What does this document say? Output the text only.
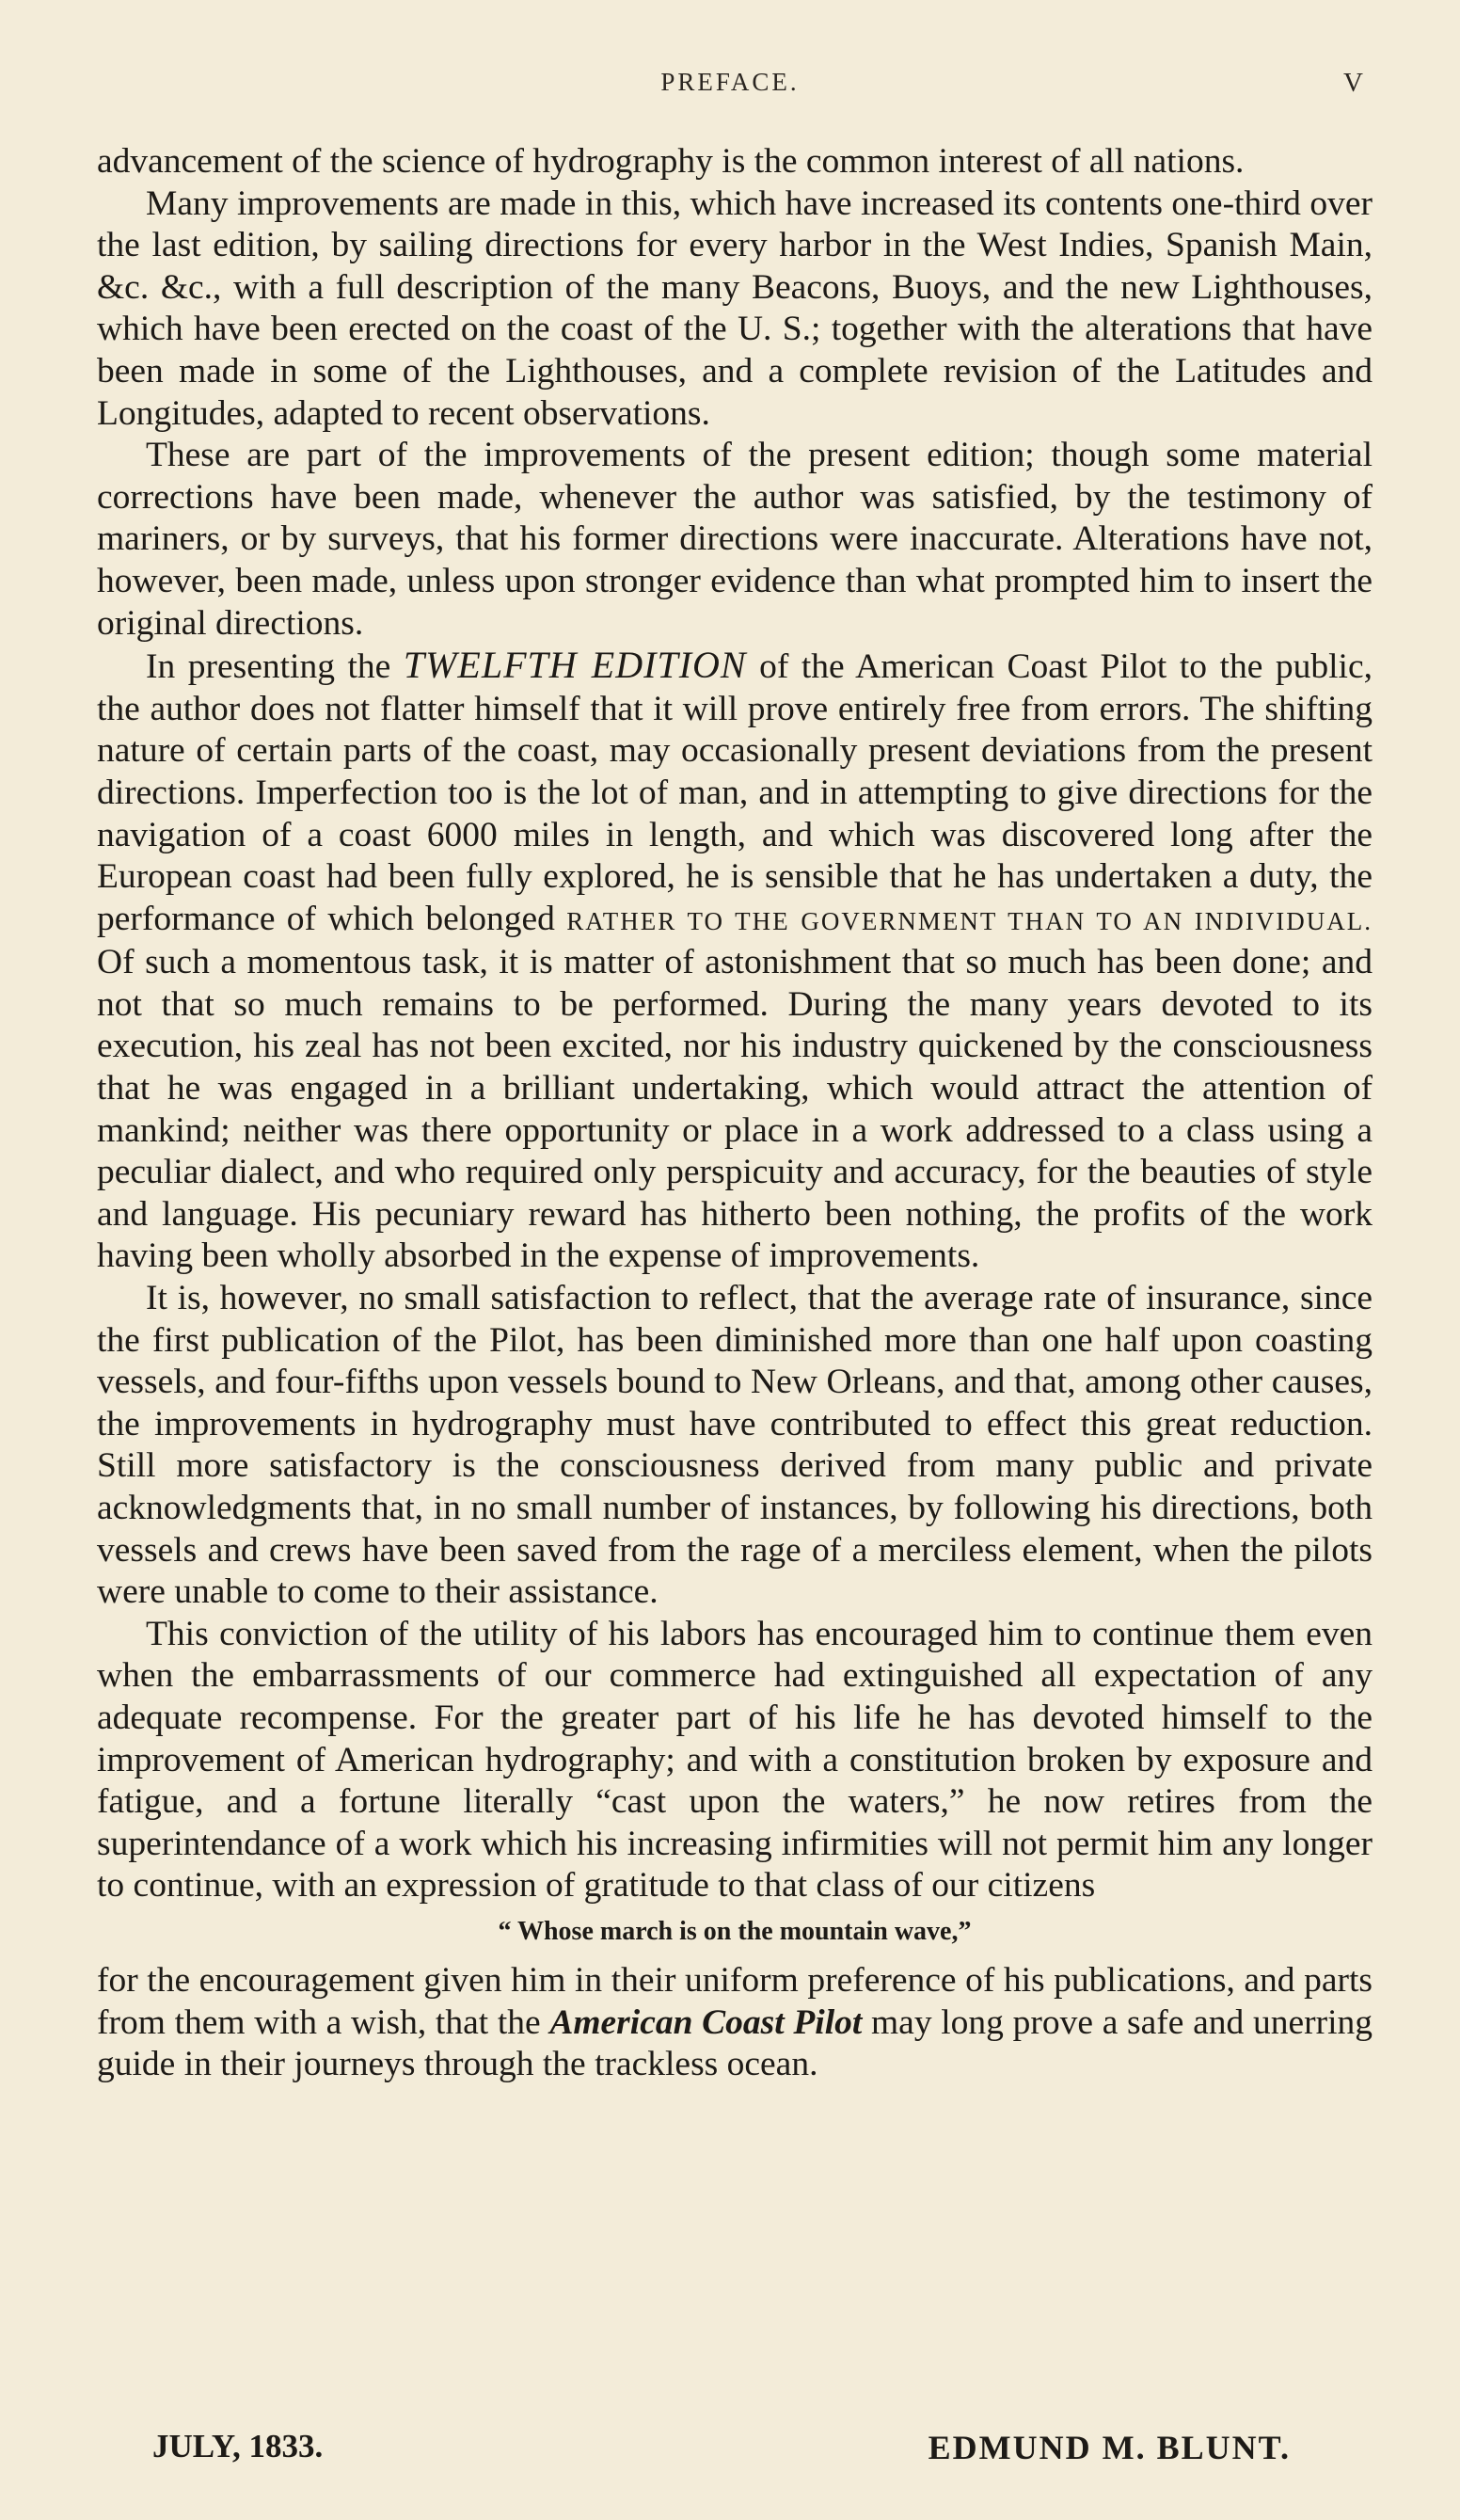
PREFACE.	V

advancement of the science of hydrography is the common interest of all nations.

Many improvements are made in this, which have increased its contents one-third over the last edition, by sailing directions for every harbor in the West Indies, Spanish Main, &c. &c., with a full description of the many Beacons, Buoys, and the new Lighthouses, which have been erected on the coast of the U. S.; together with the alterations that have been made in some of the Lighthouses, and a complete revision of the Latitudes and Longitudes, adapted to recent observations.

These are part of the improvements of the present edition; though some material corrections have been made, whenever the author was satisfied, by the testimony of mariners, or by surveys, that his former directions were inaccurate. Alterations have not, however, been made, unless upon stronger evidence than what prompted him to insert the original directions.

In presenting the TWELFTH EDITION of the American Coast Pilot to the public, the author does not flatter himself that it will prove entirely free from errors. The shifting nature of certain parts of the coast, may occasionally present deviations from the present directions. Imperfection too is the lot of man, and in attempting to give directions for the navigation of a coast 6000 miles in length, and which was discovered long after the European coast had been fully explored, he is sensible that he has undertaken a duty, the performance of which belonged RATHER TO THE GOVERNMENT THAN TO AN INDIVIDUAL. Of such a momentous task, it is matter of astonishment that so much has been done; and not that so much remains to be performed. During the many years devoted to its execution, his zeal has not been excited, nor his industry quickened by the consciousness that he was engaged in a brilliant undertaking, which would attract the attention of mankind; neither was there opportunity or place in a work addressed to a class using a peculiar dialect, and who required only perspicuity and accuracy, for the beauties of style and language. His pecuniary reward has hitherto been nothing, the profits of the work having been wholly absorbed in the expense of improvements.

It is, however, no small satisfaction to reflect, that the average rate of insurance, since the first publication of the Pilot, has been diminished more than one half upon coasting vessels, and four-fifths upon vessels bound to New Orleans, and that, among other causes, the improvements in hydrography must have contributed to effect this great reduction. Still more satisfactory is the consciousness derived from many public and private acknowledgments that, in no small number of instances, by following his directions, both vessels and crews have been saved from the rage of a merciless element, when the pilots were unable to come to their assistance.

This conviction of the utility of his labors has encouraged him to continue them even when the embarrassments of our commerce had extinguished all expectation of any adequate recompense. For the greater part of his life he has devoted himself to the improvement of American hydrography; and with a constitution broken by exposure and fatigue, and a fortune literally “cast upon the waters,” he now retires from the superintendance of a work which his increasing infirmities will not permit him any longer to continue, with an expression of gratitude to that class of our citizens

“ Whose march is on the mountain wave,”

for the encouragement given him in their uniform preference of his publications, and parts from them with a wish, that the American Coast Pilot may long prove a safe and unerring guide in their journeys through the trackless ocean.

JULY, 1833.	EDMUND M. BLUNT.
